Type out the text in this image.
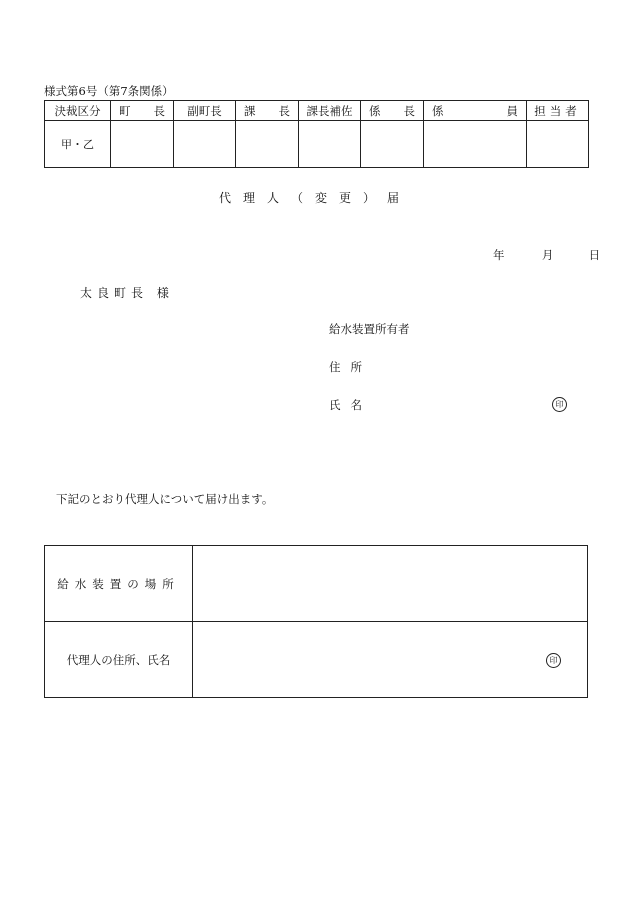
様式第6号（第7条関係）
決裁区分	町 長	副町長	課 長	課長補佐	係 長	係 員	担当者
甲・乙							
代理人（変更）届
年	月	日
太良町長 様
給水装置所有者
住所
氏名	印
下記のとおり代理人について届け出ます。
給水装置の場所	
代理人の住所、氏名		印
